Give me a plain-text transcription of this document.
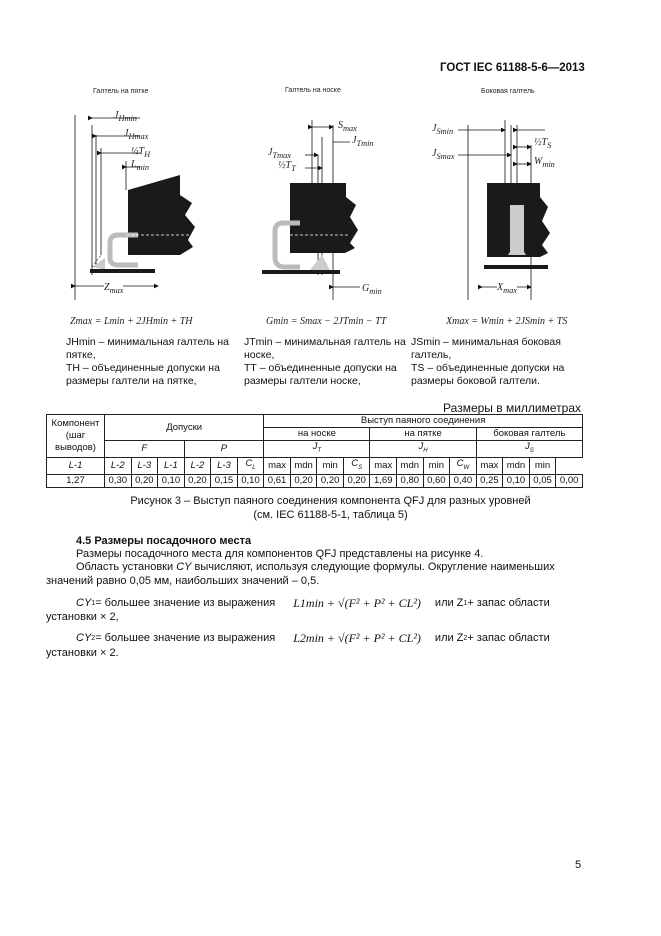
ГОСТ IEC 61188-5-6—2013
Галтель на пятке	Галтель на носке	Боковая галтель
$J_{Hmin}$
$J_{Hmax}$
$\frac{1}{2}T_H$
$L_{min}$
$Z_{max}$
$S_{max}$
$J_{Tmin}$
$J_{Tmax}$
$\frac{1}{2}T_T$
$G_{min}$
$J_{Smin}$
$J_{Smax}$
$\frac{1}{2}T_S$
$W_{min}$
$X_{max}$
Zmax = Lmin + 2JHmin + TH	Gmin = Smax − 2JTmin − TT	Xmax = Wmin + 2JSmin + TS
JHmin – минимальная галтель на пятке,
TН – объединенные допуски на размеры галтели на пятке,
JTmin – минимальная галтель на носке,
TТ – объединенные допуски на размеры галтели носке,
JSmin – минимальная боковая галтель,
TS – объединенные допуски на размеры боковой галтели.
Размеры в миллиметрах
Компонент (шаг выводов)	Допуски						Выступ паяного соединения											
							на носке				на пятке				боковая галтель			
	F			P			$J_T$				$J_H$				$J_S$
L-1	L-2	L-3	L-1	L-2	L-3	$C_L$	max	mdn	min	$C_S$	max	mdn	min	$C_W$	max	mdn	min	
1,27	0,30	0,20	0,10	0,20	0,15	0,10	0,61	0,20	0,20	0,20	1,69	0,80	0,60	0,40	0,25	0,10	0,05	0,00
Рисунок 3 – Выступ паяного соединения компонента QFJ для разных уровней
(см. IEC 61188-5-1, таблица 5)
4.5 Размеры посадочного места
Размеры посадочного места для компонентов QFJ представлены на рисунке 4.
Область установки CY вычисляют, используя следующие формулы. Округление наименьших
значений равно 0,05 мм, наибольших значений – 0,5.
CY 1 = большее значение из выражения L1min + √(F² + P² + CL²) или Z 1 + запас области
установки × 2,
CY 2 = большее значение из выражения L2min + √(F² + P² + CL²) или Z 2 + запас области
установки × 2.
5
